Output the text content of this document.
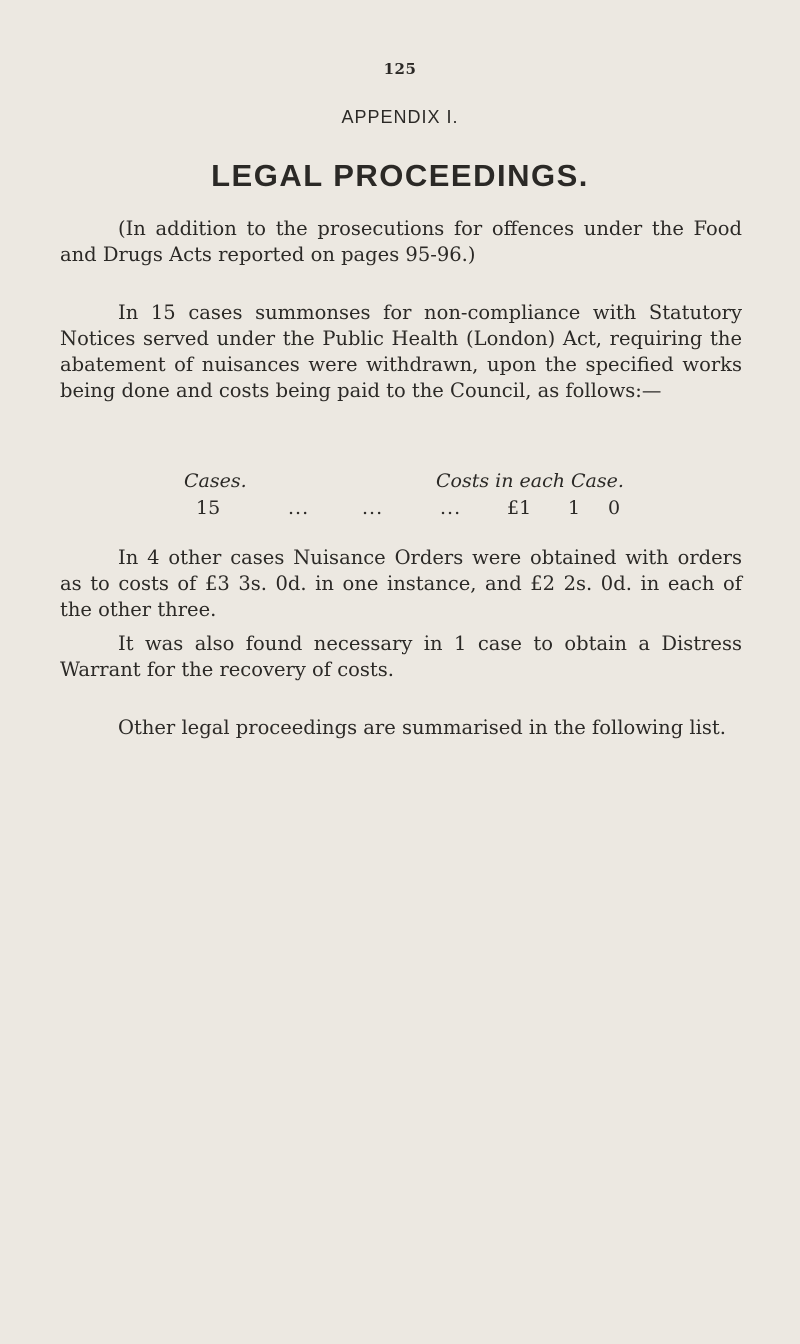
125
APPENDIX I.
LEGAL PROCEEDINGS.

(In addition to the prosecutions for offences under the Food and Drugs Acts reported on pages 95-96.)

In 15 cases summonses for non-compliance with Statutory Notices served under the Public Health (London) Act, requiring the abatement of nuisances were withdrawn, upon the specified works being done and costs being paid to the Council, as follows:—

Cases.	Costs in each Case.
15	...	...	... £1 1 0

In 4 other cases Nuisance Orders were obtained with orders as to costs of £3 3s. 0d. in one instance, and £2 2s. 0d. in each of the other three.

It was also found necessary in 1 case to obtain a Distress Warrant for the recovery of costs.

Other legal proceedings are summarised in the following list.
